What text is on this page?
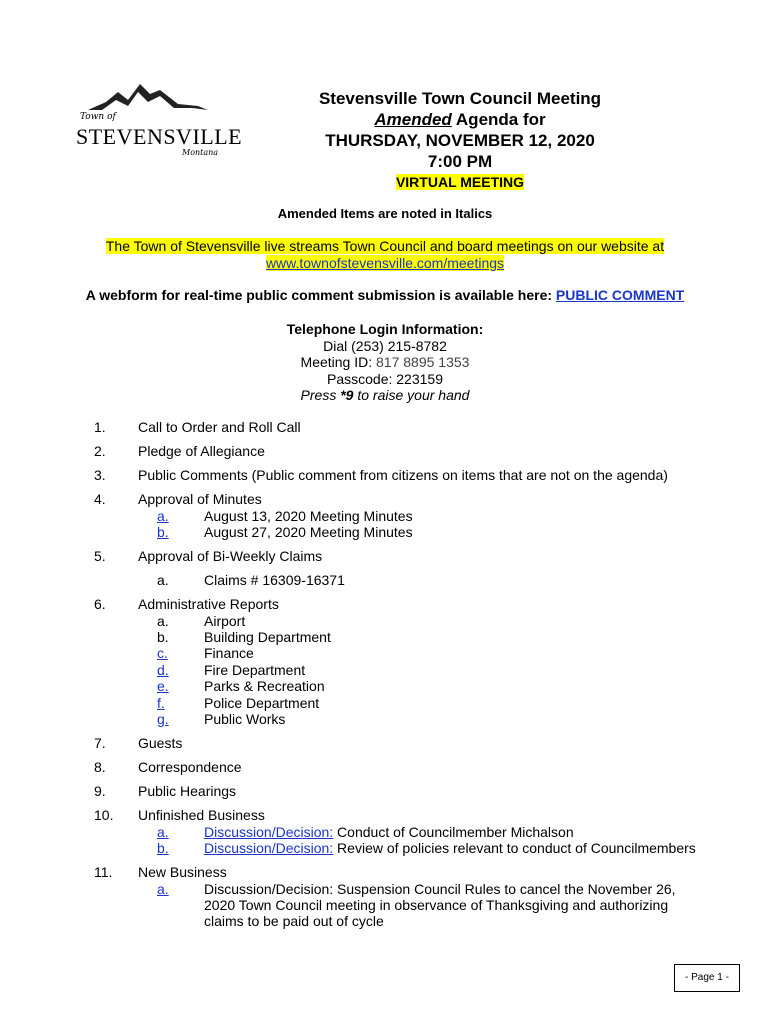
Town of
STEVENSVILLE
Montana
Stevensville Town Council Meeting
Amended Agenda for
THURSDAY, NOVEMBER 12, 2020
7:00 PM
VIRTUAL MEETING
Amended Items are noted in Italics
The Town of Stevensville live streams Town Council and board meetings on our website at
www.townofstevensville.com/meetings
A webform for real-time public comment submission is available here: PUBLIC COMMENT
Telephone Login Information:
Dial (253) 215-8782
Meeting ID: 817 8895 1353
Passcode: 223159
Press *9 to raise your hand
1. Call to Order and Roll Call
2. Pledge of Allegiance
3. Public Comments (Public comment from citizens on items that are not on the agenda)
4. Approval of Minutes
a.	August 13, 2020 Meeting Minutes
b.	August 27, 2020 Meeting Minutes
5. Approval of Bi-Weekly Claims
a.	Claims # 16309-16371
6. Administrative Reports
a.	Airport
b.	Building Department
c.	Finance
d.	Fire Department
e.	Parks & Recreation
f.	Police Department
g.	Public Works
7. Guests
8. Correspondence
9. Public Hearings
10. Unfinished Business
a.	Discussion/Decision: Conduct of Councilmember Michalson
b.	Discussion/Decision: Review of policies relevant to conduct of Councilmembers
11. New Business
a.	Discussion/Decision: Suspension Council Rules to cancel the November 26,
2020 Town Council meeting in observance of Thanksgiving and authorizing
claims to be paid out of cycle
- Page 1 -
